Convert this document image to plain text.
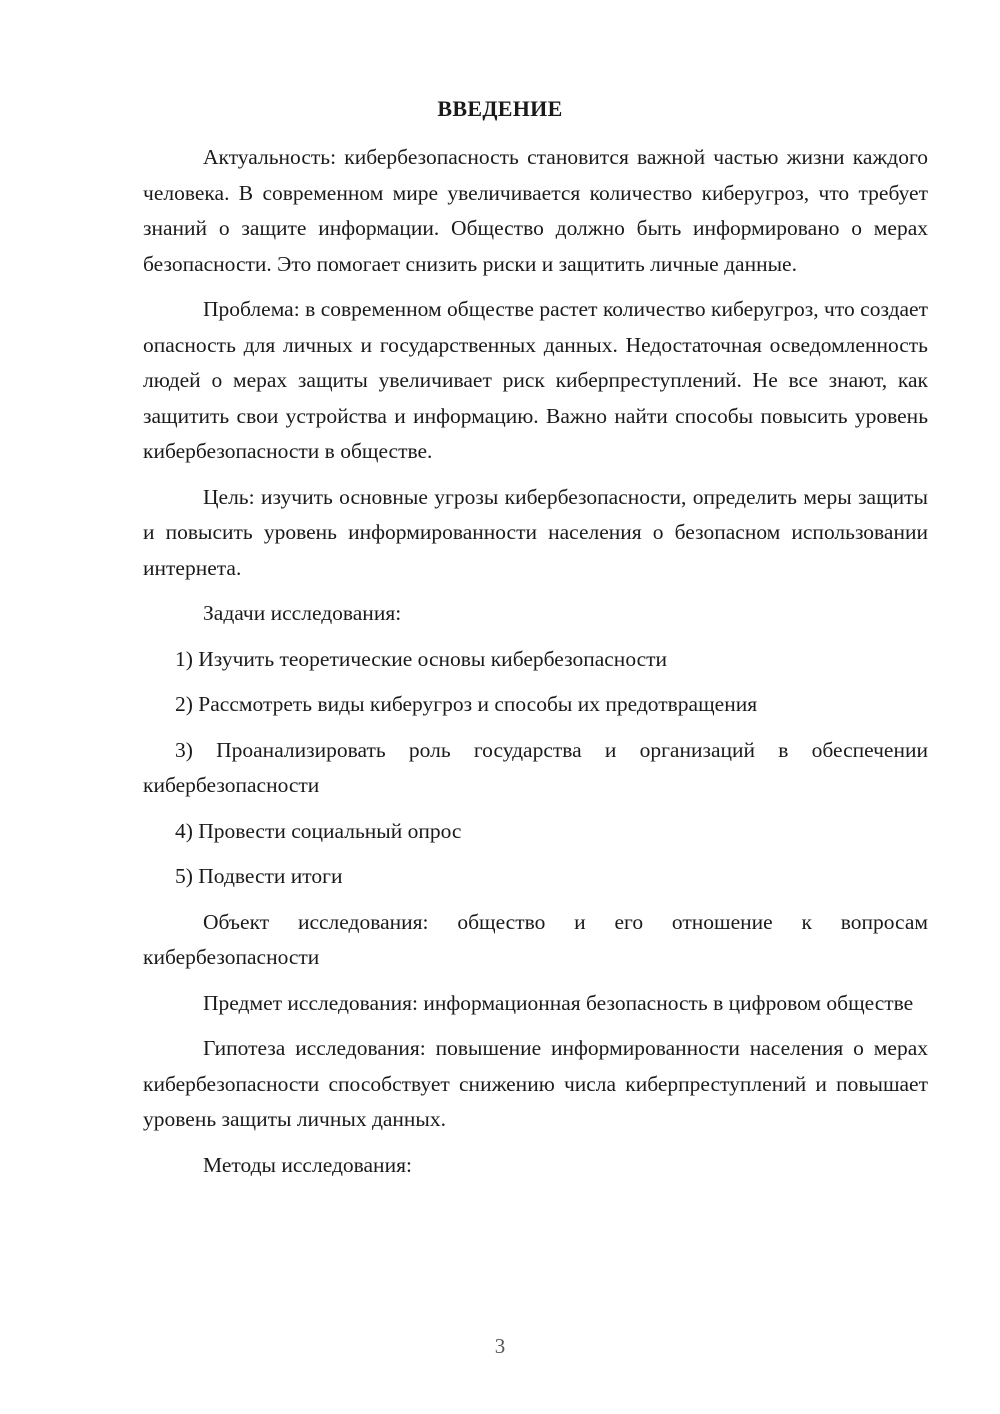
ВВЕДЕНИЕ

Актуальность: кибербезопасность становится важной частью жизни каждого человека. В современном мире увеличивается количество киберугроз, что требует знаний о защите информации. Общество должно быть информировано о мерах безопасности. Это помогает снизить риски и защитить личные данные.

Проблема: в современном обществе растет количество киберугроз, что создает опасность для личных и государственных данных. Недостаточная осведомленность людей о мерах защиты увеличивает риск киберпреступлений. Не все знают, как защитить свои устройства и информацию. Важно найти способы повысить уровень кибербезопасности в обществе.

Цель: изучить основные угрозы кибербезопасности, определить меры защиты и повысить уровень информированности населения о безопасном использовании интернета.

Задачи исследования:

1) Изучить теоретические основы кибербезопасности

2) Рассмотреть виды киберугроз и способы их предотвращения

3) Проанализировать роль государства и организаций в обеспечении кибербезопасности

4) Провести социальный опрос

5) Подвести итоги

Объект исследования: общество и его отношение к вопросам кибербезопасности

Предмет исследования: информационная безопасность в цифровом обществе

Гипотеза исследования: повышение информированности населения о мерах кибербезопасности способствует снижению числа киберпреступлений и повышает уровень защиты личных данных.

Методы исследования:

3
